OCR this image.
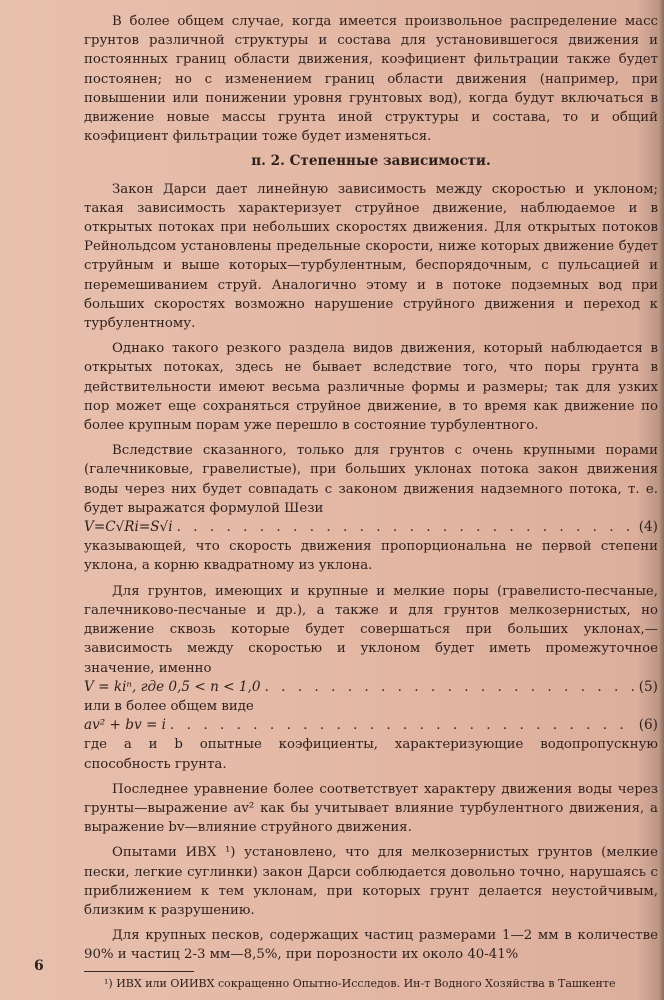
В более общем случае, когда имеется произвольное распределение масс грунтов различной структуры и состава для установившегося движения и постоянных границ области движения, коэфициент фильтрации также будет постоянен; но с изменением границ области движения (например, при повышении или понижении уровня грунтовых вод), когда будут включаться в движение новые массы грунта иной структуры и состава, то и общий коэфициент фильтрации тоже будет изменяться.

п. 2. Степенные зависимости.

Закон Дарси дает линейную зависимость между скоростью и уклоном; такая зависимость характеризует струйное движение, наблюдаемое и в открытых потоках при небольших скоростях движения. Для открытых потоков Рейнольдсом установлены предельные скорости, ниже которых движение будет струйным и выше которых—турбулентным, беспорядочным, с пульсацией и перемешиванием струй. Аналогично этому и в потоке подземных вод при больших скоростях возможно нарушение струйного движения и переход к турбулентному.

Однако такого резкого раздела видов движения, который наблюдается в открытых потоках, здесь не бывает вследствие того, что поры грунта в действительности имеют весьма различные формы и размеры; так для узких пор может еще сохраняться струйное движение, в то время как движение по более крупным порам уже перешло в состояние турбулентного.

Вследствие сказанного, только для грунтов с очень крупными порами (галечниковые, гравелистые), при больших уклонах потока закон движения воды через них будет совпадать с законом движения надземного потока, т. е. будет выражатся формулой Шези

V=C√Ri=S√i . . .	(4)

указывающей, что скорость движения пропорциональна не первой степени уклона, а корню квадратному из уклона.

Для грунтов, имеющих и крупные и мелкие поры (гравелисто-песчаные, галечниково-песчаные и др.), а также и для грунтов мелкозернистых, но движение сквозь которые будет совершаться при больших уклонах,—зависимость между скоростью и уклоном будет иметь промежуточное значение, именно

V = kiⁿ, где 0,5 < n < 1,0 . . .	(5)

или в более общем виде

av² + bv = i . . .	(6)

где a и b опытные коэфициенты, характеризующие водопропускную способность грунта.

Последнее уравнение более соответствует характеру движения воды через грунты—выражение av² как бы учитывает влияние турбулентного движения, а выражение bv—влияние струйного движения.

Опытами ИВХ ¹) установлено, что для мелкозернистых грунтов (мелкие пески, легкие суглинки) закон Дарси соблюдается довольно точно, нарушаясь с приближением к тем уклонам, при которых грунт делается неустойчивым, близким к разрушению.

Для крупных песков, содержащих частиц размерами 1—2 мм в количестве 90% и частиц 2-3 мм—8,5%, при порозности их около 40-41%

¹) ИВХ или ОИИВХ сокращенно Опытно-Исследов. Ин-т Водного Хозяйства в Ташкенте

6
